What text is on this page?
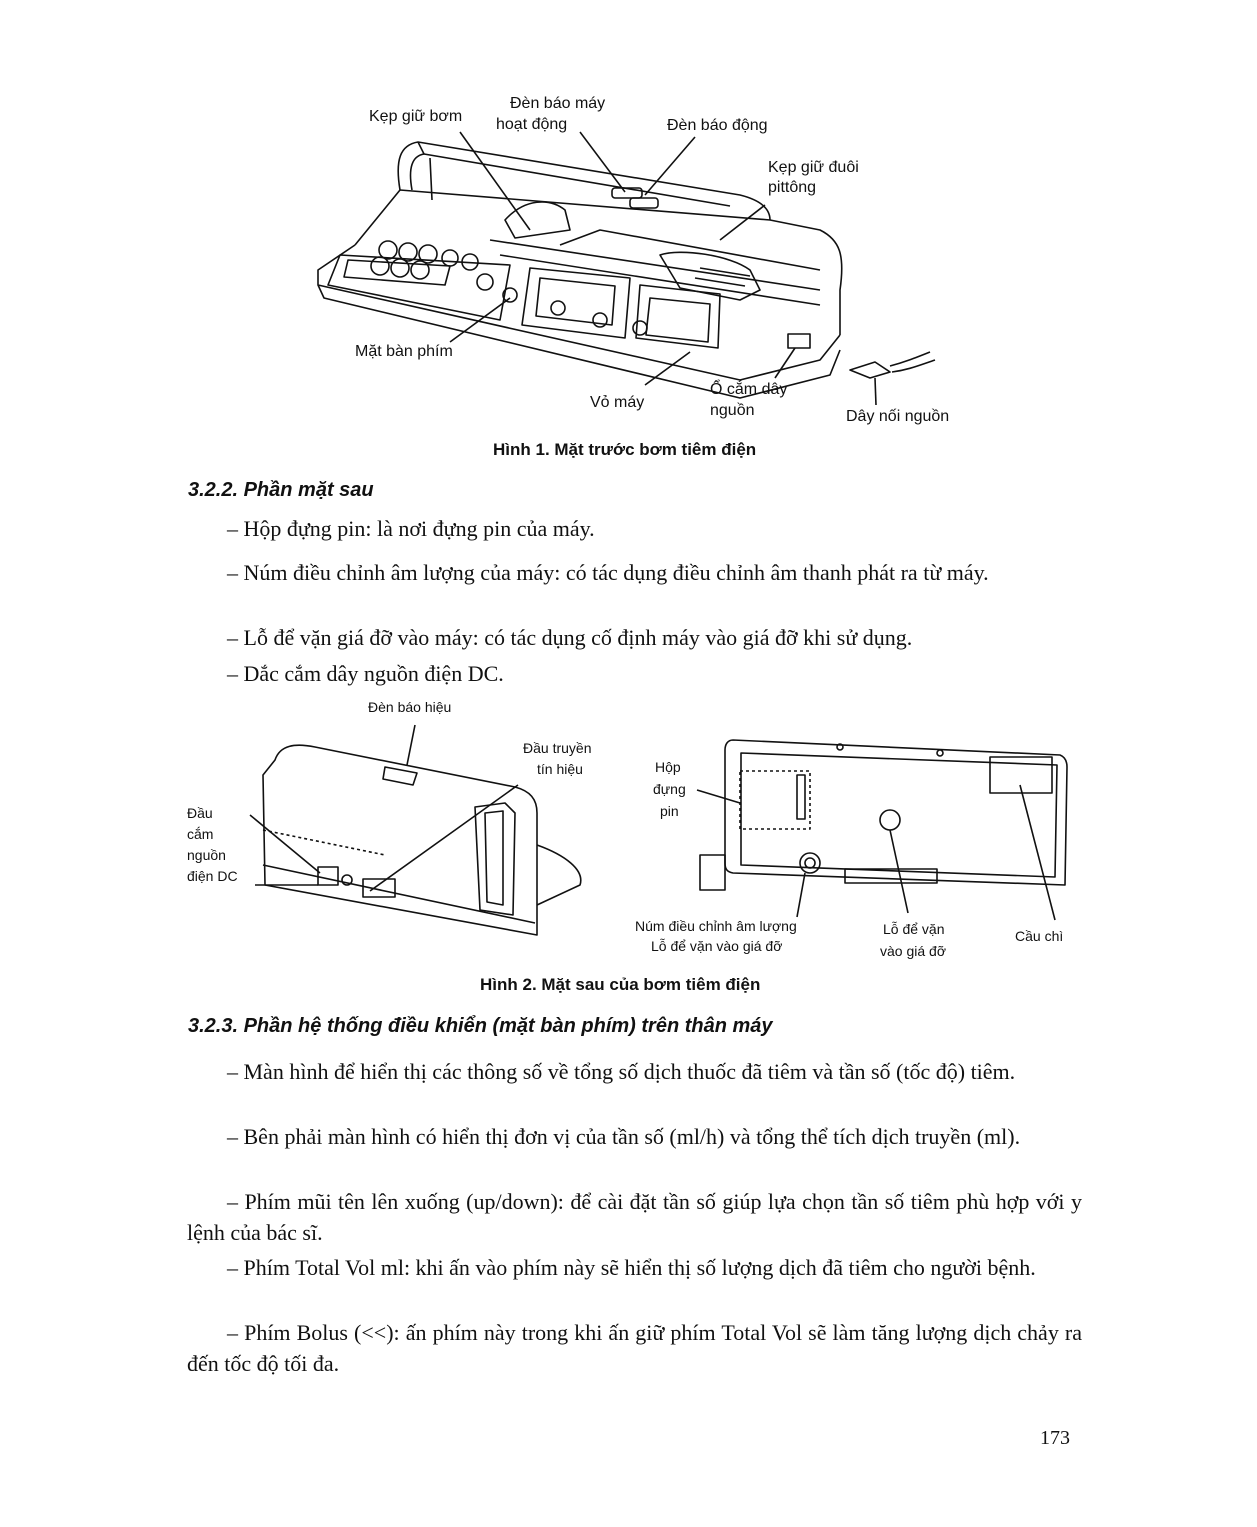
Kẹp giữ bơm
Đèn báo máy
hoạt động	Đèn báo động
Kẹp giữ đuôi
pittông
Mặt bàn phím
Vỏ máy
Ổ cắm dây
nguồn	Dây nối nguồn
Hình 1. Mặt trước bơm tiêm điện
3.2.2. Phần mặt sau
– Hộp đựng pin: là nơi đựng pin của máy.
– Núm điều chỉnh âm lượng của máy: có tác dụng điều chỉnh âm thanh phát ra từ máy.
– Lỗ để vặn giá đỡ vào máy: có tác dụng cố định máy vào giá đỡ khi sử dụng.
– Dắc cắm dây nguồn điện DC.
Đèn báo hiệu
Đầu truyền
tín hiệu
Đầu
cắm
nguồn
điện DC
Hộp
đựng
pin
Núm điều chỉnh âm lượng
Lỗ để vặn vào giá đỡ
Lỗ để vặn
vào giá đỡ
Cầu chì
Hình 2. Mặt sau của bơm tiêm điện
3.2.3. Phần hệ thống điều khiển (mặt bàn phím) trên thân máy
– Màn hình để hiển thị các thông số về tổng số dịch thuốc đã tiêm và tần số (tốc độ) tiêm.
– Bên phải màn hình có hiển thị đơn vị của tần số (ml/h) và tổng thể tích dịch truyền (ml).
– Phím mũi tên lên xuống (up/down): để cài đặt tần số giúp lựa chọn tần số tiêm phù hợp với y lệnh của bác sĩ.
– Phím Total Vol ml: khi ấn vào phím này sẽ hiển thị số lượng dịch đã tiêm cho người bệnh.
– Phím Bolus (<<): ấn phím này trong khi ấn giữ phím Total Vol sẽ làm tăng lượng dịch chảy ra đến tốc độ tối đa.
173
